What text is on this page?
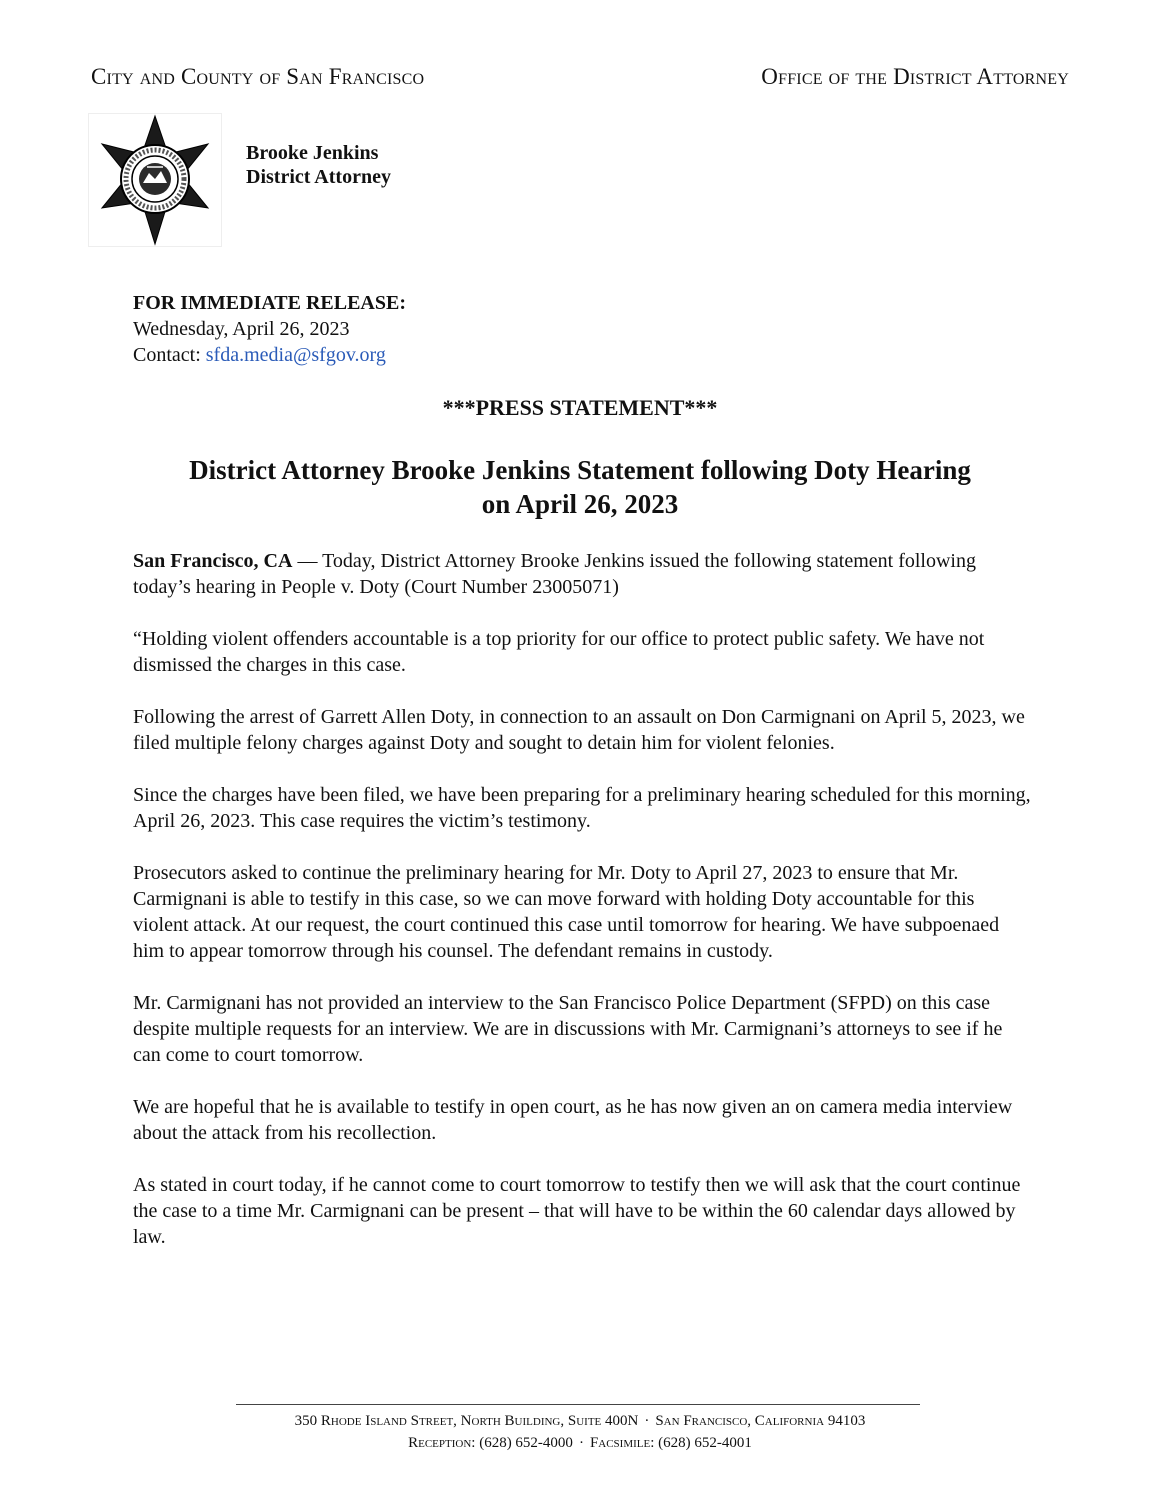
City and County of San Francisco	Office of the District Attorney
Brooke Jenkins
District Attorney
FOR IMMEDIATE RELEASE:
Wednesday, April 26, 2023
Contact: sfda.media@sfgov.org
***PRESS STATEMENT***
District Attorney Brooke Jenkins Statement following Doty Hearing
on April 26, 2023

San Francisco, CA — Today, District Attorney Brooke Jenkins issued the following statement following today’s hearing in People v. Doty (Court Number 23005071)

“Holding violent offenders accountable is a top priority for our office to protect public safety. We have not dismissed the charges in this case.

Following the arrest of Garrett Allen Doty, in connection to an assault on Don Carmignani on April 5, 2023, we filed multiple felony charges against Doty and sought to detain him for violent felonies.

Since the charges have been filed, we have been preparing for a preliminary hearing scheduled for this morning, April 26, 2023. This case requires the victim’s testimony.

Prosecutors asked to continue the preliminary hearing for Mr. Doty to April 27, 2023 to ensure that Mr. Carmignani is able to testify in this case, so we can move forward with holding Doty accountable for this violent attack. At our request, the court continued this case until tomorrow for hearing. We have subpoenaed him to appear tomorrow through his counsel. The defendant remains in custody.

Mr. Carmignani has not provided an interview to the San Francisco Police Department (SFPD) on this case despite multiple requests for an interview. We are in discussions with Mr. Carmignani’s attorneys to see if he can come to court tomorrow.

We are hopeful that he is available to testify in open court, as he has now given an on camera media interview about the attack from his recollection.

As stated in court today, if he cannot come to court tomorrow to testify then we will ask that the court continue the case to a time Mr. Carmignani can be present – that will have to be within the 60 calendar days allowed by law.

350 Rhode Island Street, North Building, Suite 400N · San Francisco, California 94103
Reception: (628) 652-4000 · Facsimile: (628) 652-4001
